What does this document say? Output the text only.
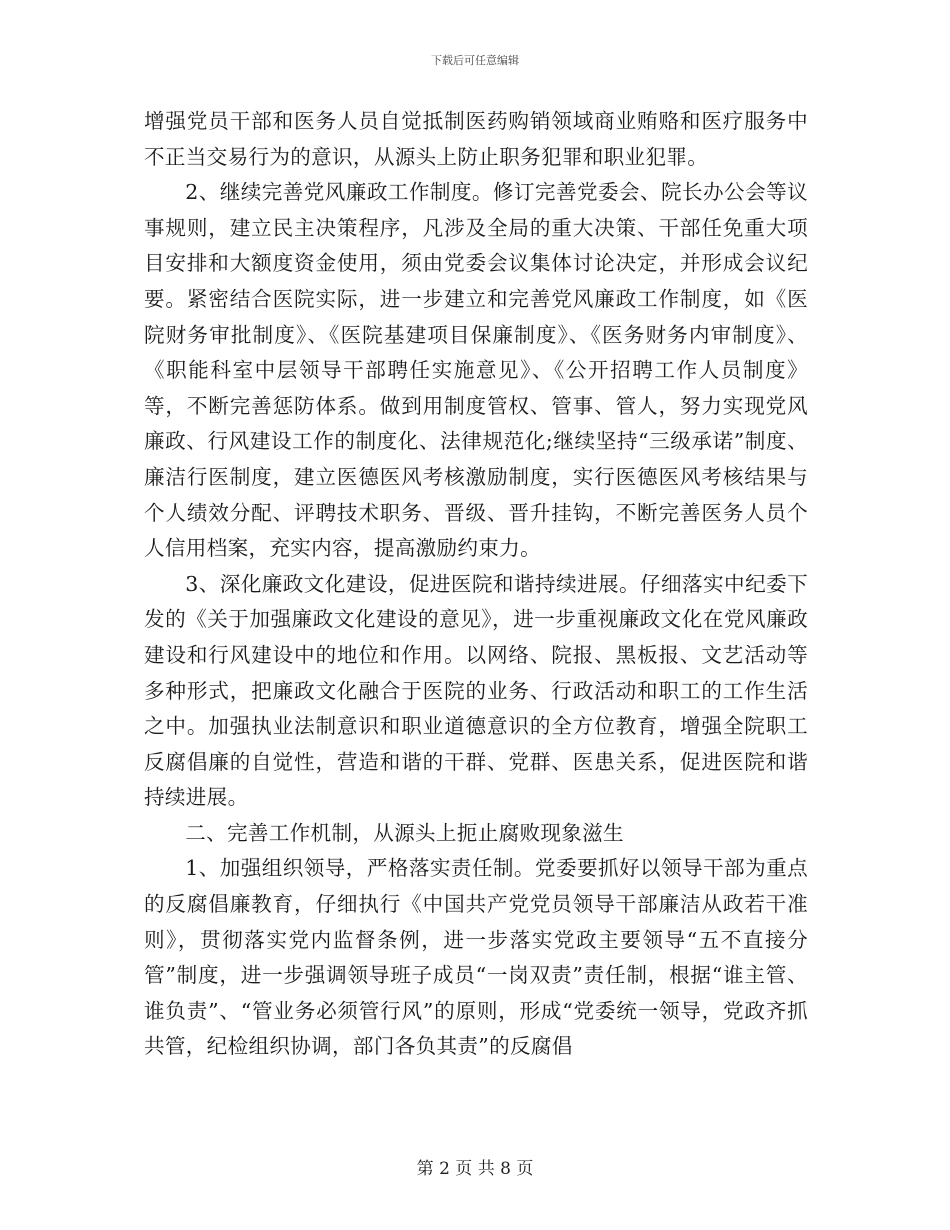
下载后可任意编辑

增强党员干部和医务人员自觉抵制医药购销领域商业贿赂和医疗服务中不正当交易行为的意识，从源头上防止职务犯罪和职业犯罪。

2、继续完善党风廉政工作制度。修订完善党委会、院长办公会等议事规则，建立民主决策程序，凡涉及全局的重大决策、干部任免重大项目安排和大额度资金使用，须由党委会议集体讨论决定，并形成会议纪要。紧密结合医院实际，进一步建立和完善党风廉政工作制度，如《医院财务审批制度》、《医院基建项目保廉制度》、《医务财务内审制度》、《职能科室中层领导干部聘任实施意见》、《公开招聘工作人员制度》等，不断完善惩防体系。做到用制度管权、管事、管人，努力实现党风廉政、行风建设工作的制度化、法律规范化;继续坚持“三级承诺”制度、廉洁行医制度，建立医德医风考核激励制度，实行医德医风考核结果与个人绩效分配、评聘技术职务、晋级、晋升挂钩，不断完善医务人员个人信用档案，充实内容，提高激励约束力。

3、深化廉政文化建设，促进医院和谐持续进展。仔细落实中纪委下发的《关于加强廉政文化建设的意见》，进一步重视廉政文化在党风廉政建设和行风建设中的地位和作用。以网络、院报、黑板报、文艺活动等多种形式，把廉政文化融合于医院的业务、行政活动和职工的工作生活之中。加强执业法制意识和职业道德意识的全方位教育，增强全院职工反腐倡廉的自觉性，营造和谐的干群、党群、医患关系，促进医院和谐持续进展。

二、完善工作机制，从源头上扼止腐败现象滋生

1、加强组织领导，严格落实责任制。党委要抓好以领导干部为重点的反腐倡廉教育，仔细执行《中国共产党党员领导干部廉洁从政若干准则》，贯彻落实党内监督条例，进一步落实党政主要领导“五不直接分管”制度，进一步强调领导班子成员“一岗双责”责任制，根据“谁主管、谁负责”、“管业务必须管行风”的原则，形成“党委统一领导，党政齐抓共管，纪检组织协调，部门各负其责”的反腐倡

第 2 页 共 8 页
